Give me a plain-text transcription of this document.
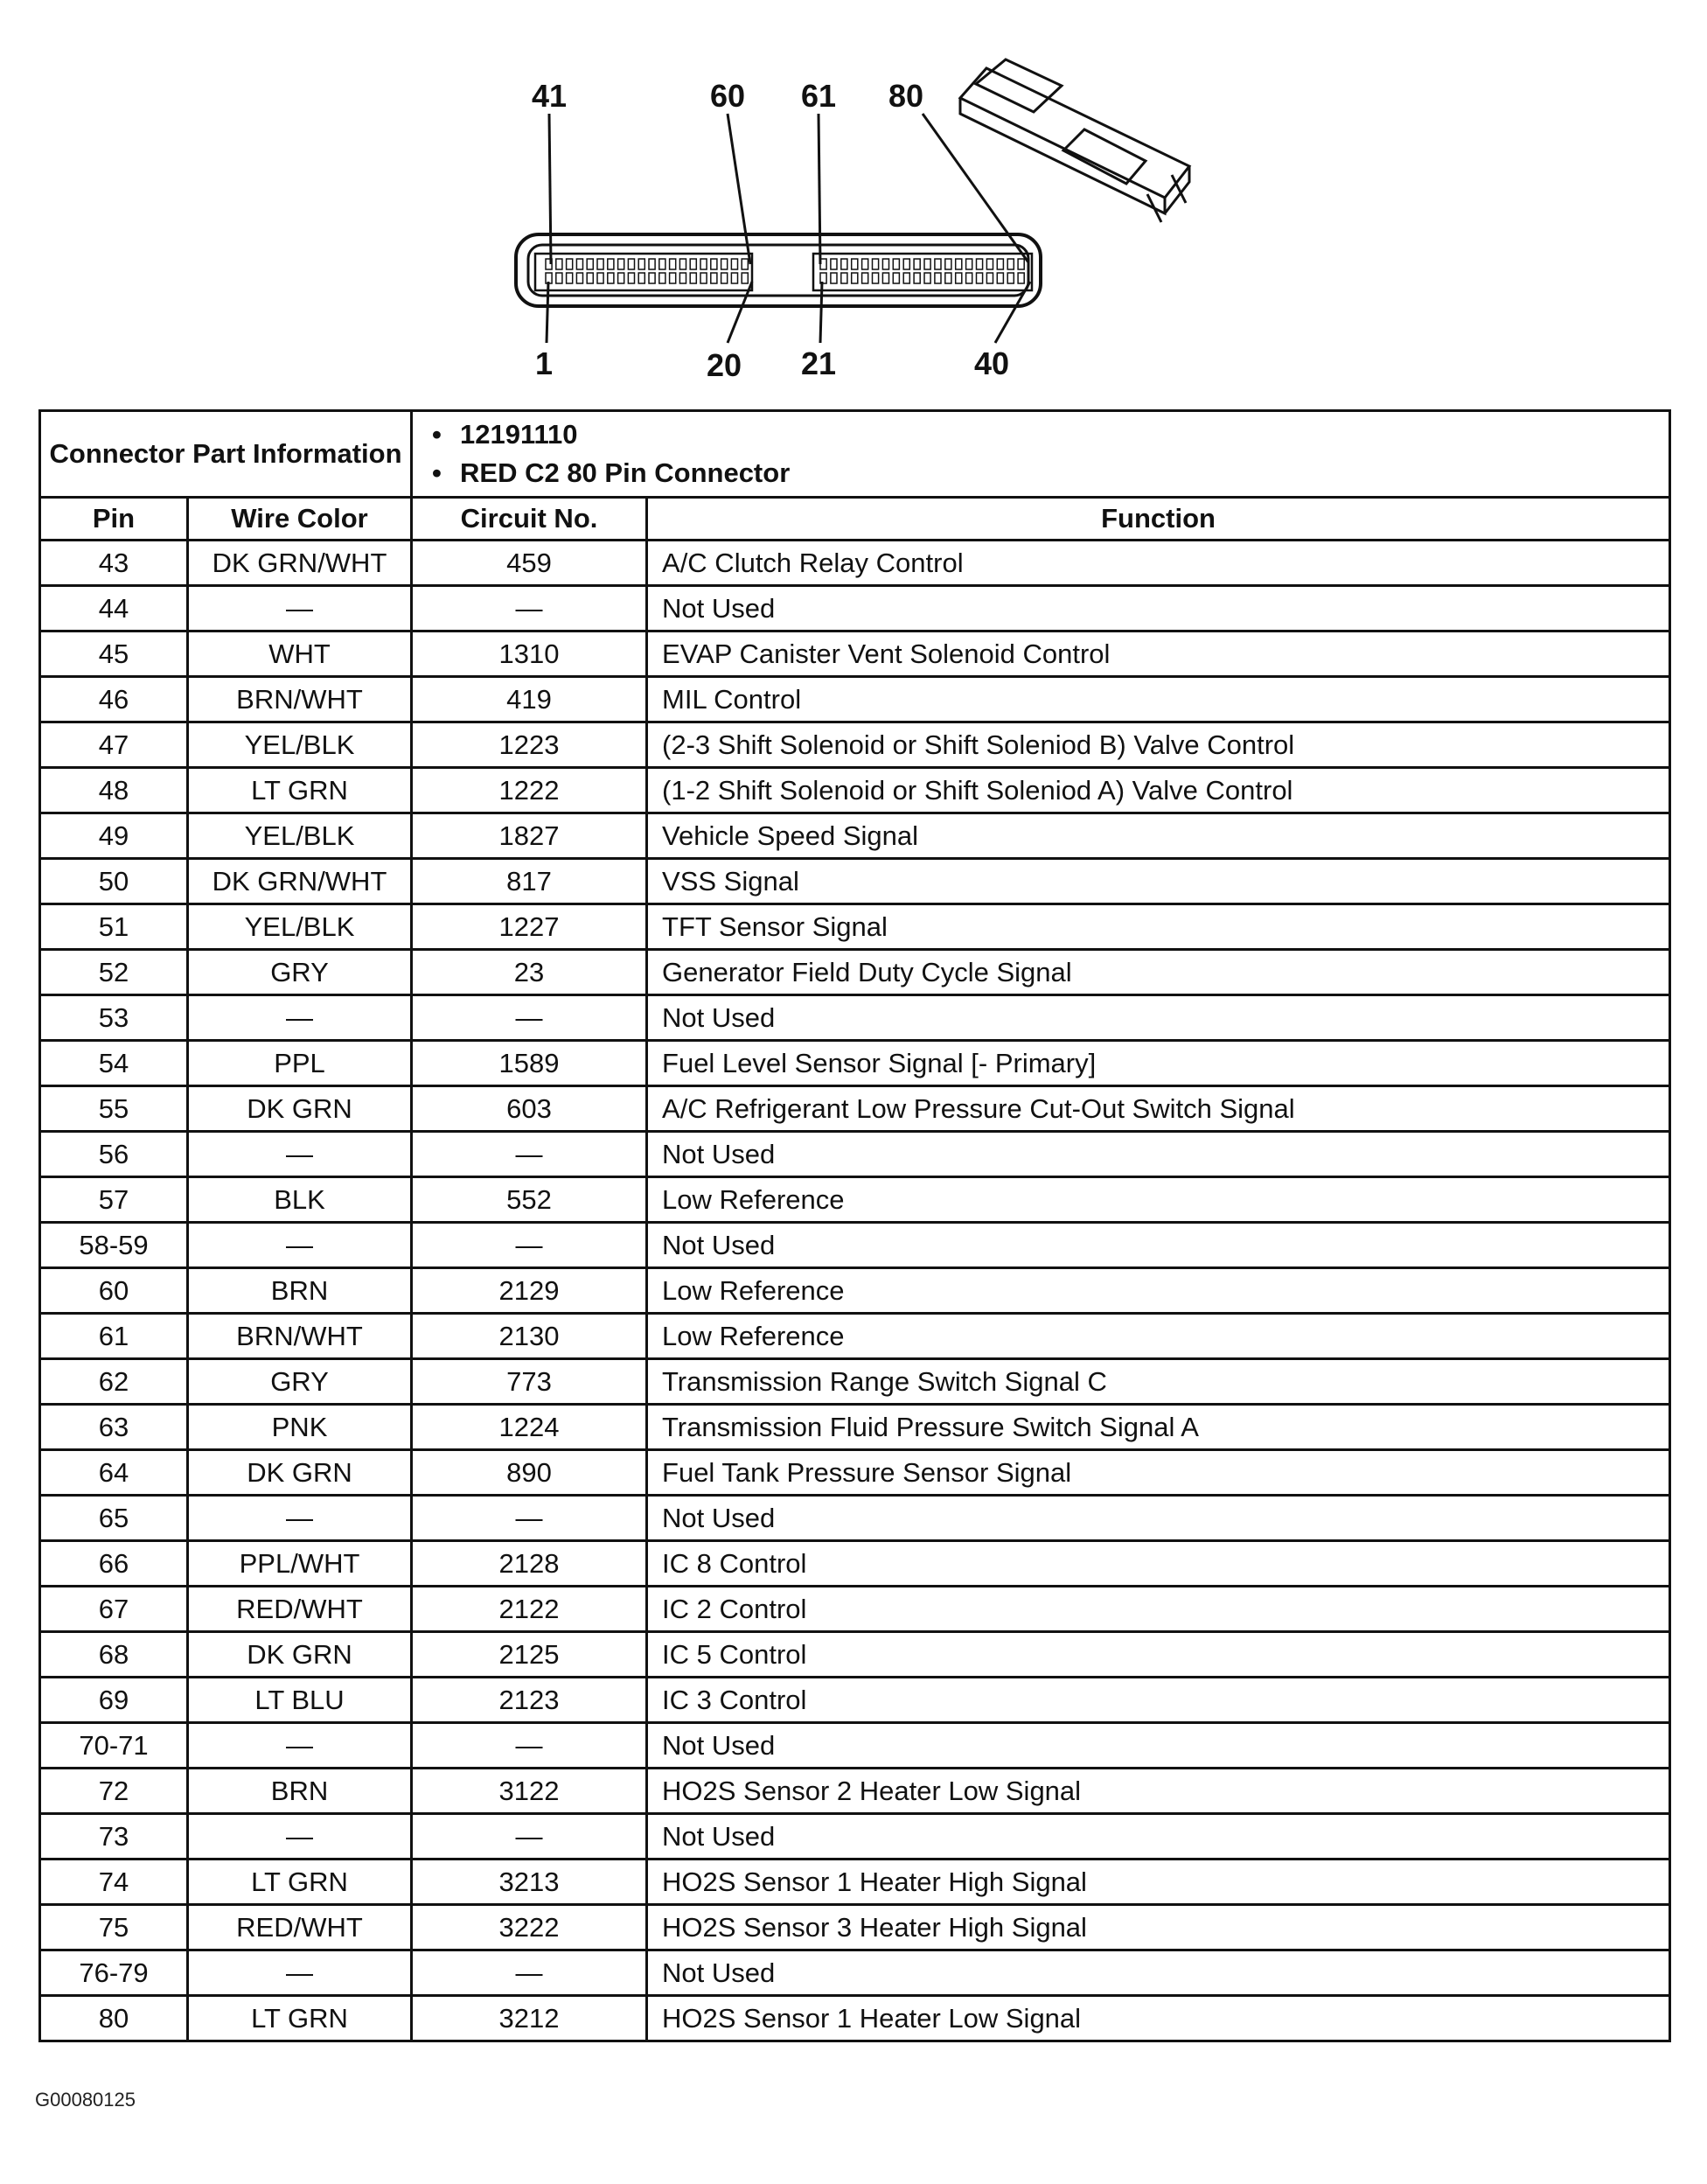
41	60 61 80
1	20 21	40
Connector Part Information		• 12191110
• RED C2 80 Pin Connector

Pin	Wire Color	Circuit No.	Function
43	DK GRN/WHT	459	A/C Clutch Relay Control
44	—	—	Not Used
45	WHT	1310	EVAP Canister Vent Solenoid Control
46	BRN/WHT	419	MIL Control
47	YEL/BLK	1223	(2-3 Shift Solenoid or Shift Soleniod B) Valve Control
48	LT GRN	1222	(1-2 Shift Solenoid or Shift Soleniod A) Valve Control
49	YEL/BLK	1827	Vehicle Speed Signal
50	DK GRN/WHT	817	VSS Signal
51	YEL/BLK	1227	TFT Sensor Signal
52	GRY	23	Generator Field Duty Cycle Signal
53	—	—	Not Used
54	PPL	1589	Fuel Level Sensor Signal [- Primary]
55	DK GRN	603	A/C Refrigerant Low Pressure Cut-Out Switch Signal
56	—	—	Not Used
57	BLK	552	Low Reference
58-59	—	—	Not Used
60	BRN	2129	Low Reference
61	BRN/WHT	2130	Low Reference
62	GRY	773	Transmission Range Switch Signal C
63	PNK	1224	Transmission Fluid Pressure Switch Signal A
64	DK GRN	890	Fuel Tank Pressure Sensor Signal
65	—	—	Not Used
66	PPL/WHT	2128	IC 8 Control
67	RED/WHT	2122	IC 2 Control
68	DK GRN	2125	IC 5 Control
69	LT BLU	2123	IC 3 Control
70-71	—	—	Not Used
72	BRN	3122	HO2S Sensor 2 Heater Low Signal
73	—	—	Not Used
74	LT GRN	3213	HO2S Sensor 1 Heater High Signal
75	RED/WHT	3222	HO2S Sensor 3 Heater High Signal
76-79	—	—	Not Used
80	LT GRN	3212	HO2S Sensor 1 Heater Low Signal
G00080125
